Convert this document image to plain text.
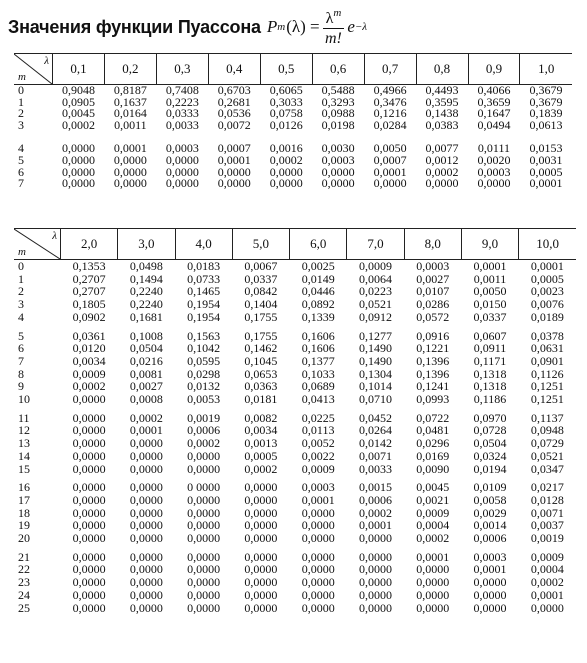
Значения функции Пуассона P m $(\lambda) = \frac{\lambda^m}{m!}$ e −λ
λ
m	0,1	0,2	0,3	0,4	0,5	0,6	0,7	0,8	0,9	1,0
0	0,9048	0,8187	0,7408	0,6703	0,6065	0,5488	0,4966	0,4493	0,4066	0,3679
1	0,0905	0,1637	0,2223	0,2681	0,3033	0,3293	0,3476	0,3595	0,3659	0,3679
2	0,0045	0,0164	0,0333	0,0536	0,0758	0,0988	0,1216	0,1438	0,1647	0,1839
3	0,0002	0,0011	0,0033	0,0072	0,0126	0,0198	0,0284	0,0383	0,0494	0,0613
4	0,0000	0,0001	0,0003	0,0007	0,0016	0,0030	0,0050	0,0077	0,0111	0,0153
5	0,0000	0,0000	0,0000	0,0001	0,0002	0,0003	0,0007	0,0012	0,0020	0,0031
6	0,0000	0,0000	0,0000	0,0000	0,0000	0,0000	0,0001	0,0002	0,0003	0,0005
7	0,0000	0,0000	0,0000	0,0000	0,0000	0,0000	0,0000	0,0000	0,0000	0,0001
λ
m	2,0	3,0	4,0	5,0	6,0	7,0	8,0	9,0	10,0
0	0,1353	0,0498	0,0183	0,0067	0,0025	0,0009	0,0003	0,0001	0,0001
1	0,2707	0,1494	0,0733	0,0337	0,0149	0,0064	0,0027	0,0011	0,0005
2	0,2707	0,2240	0,1465	0,0842	0,0446	0,0223	0,0107	0,0050	0,0023
3	0,1805	0,2240	0,1954	0,1404	0,0892	0,0521	0,0286	0,0150	0,0076
4	0,0902	0,1681	0,1954	0,1755	0,1339	0,0912	0,0572	0,0337	0,0189
5	0,0361	0,1008	0,1563	0,1755	0,1606	0,1277	0,0916	0,0607	0,0378
6	0,0120	0,0504	0,1042	0,1462	0,1606	0,1490	0,1221	0,0911	0,0631
7	0,0034	0,0216	0,0595	0,1045	0,1377	0,1490	0,1396	0,1171	0,0901
8	0,0009	0,0081	0,0298	0,0653	0,1033	0,1304	0,1396	0,1318	0,1126
9	0,0002	0,0027	0,0132	0,0363	0,0689	0,1014	0,1241	0,1318	0,1251
10	0,0000	0,0008	0,0053	0,0181	0,0413	0,0710	0,0993	0,1186	0,1251
11	0,0000	0,0002	0,0019	0,0082	0,0225	0,0452	0,0722	0,0970	0,1137
12	0,0000	0,0001	0,0006	0,0034	0,0113	0,0264	0,0481	0,0728	0,0948
13	0,0000	0,0000	0,0002	0,0013	0,0052	0,0142	0,0296	0,0504	0,0729
14	0,0000	0,0000	0,0000	0,0005	0,0022	0,0071	0,0169	0,0324	0,0521
15	0,0000	0,0000	0,0000	0,0002	0,0009	0,0033	0,0090	0,0194	0,0347
16	0,0000	0,0000	0 0000	0,0000	0,0003	0,0015	0,0045	0,0109	0,0217
17	0,0000	0,0000	0,0000	0,0000	0,0001	0,0006	0,0021	0,0058	0,0128
18	0,0000	0,0000	0,0000	0,0000	0,0000	0,0002	0,0009	0,0029	0,0071
19	0,0000	0,0000	0,0000	0,0000	0,0000	0,0001	0,0004	0,0014	0,0037
20	0,0000	0,0000	0,0000	0,0000	0,0000	0,0000	0,0002	0,0006	0,0019
21	0,0000	0,0000	0,0000	0,0000	0,0000	0,0000	0,0001	0,0003	0,0009
22	0,0000	0,0000	0,0000	0,0000	0,0000	0,0000	0,0000	0,0001	0,0004
23	0,0000	0,0000	0,0000	0,0000	0,0000	0,0000	0,0000	0,0000	0,0002
24	0,0000	0,0000	0,0000	0,0000	0,0000	0,0000	0,0000	0,0000	0,0001
25	0,0000	0,0000	0,0000	0,0000	0,0000	0,0000	0,0000	0,0000	0,0000
